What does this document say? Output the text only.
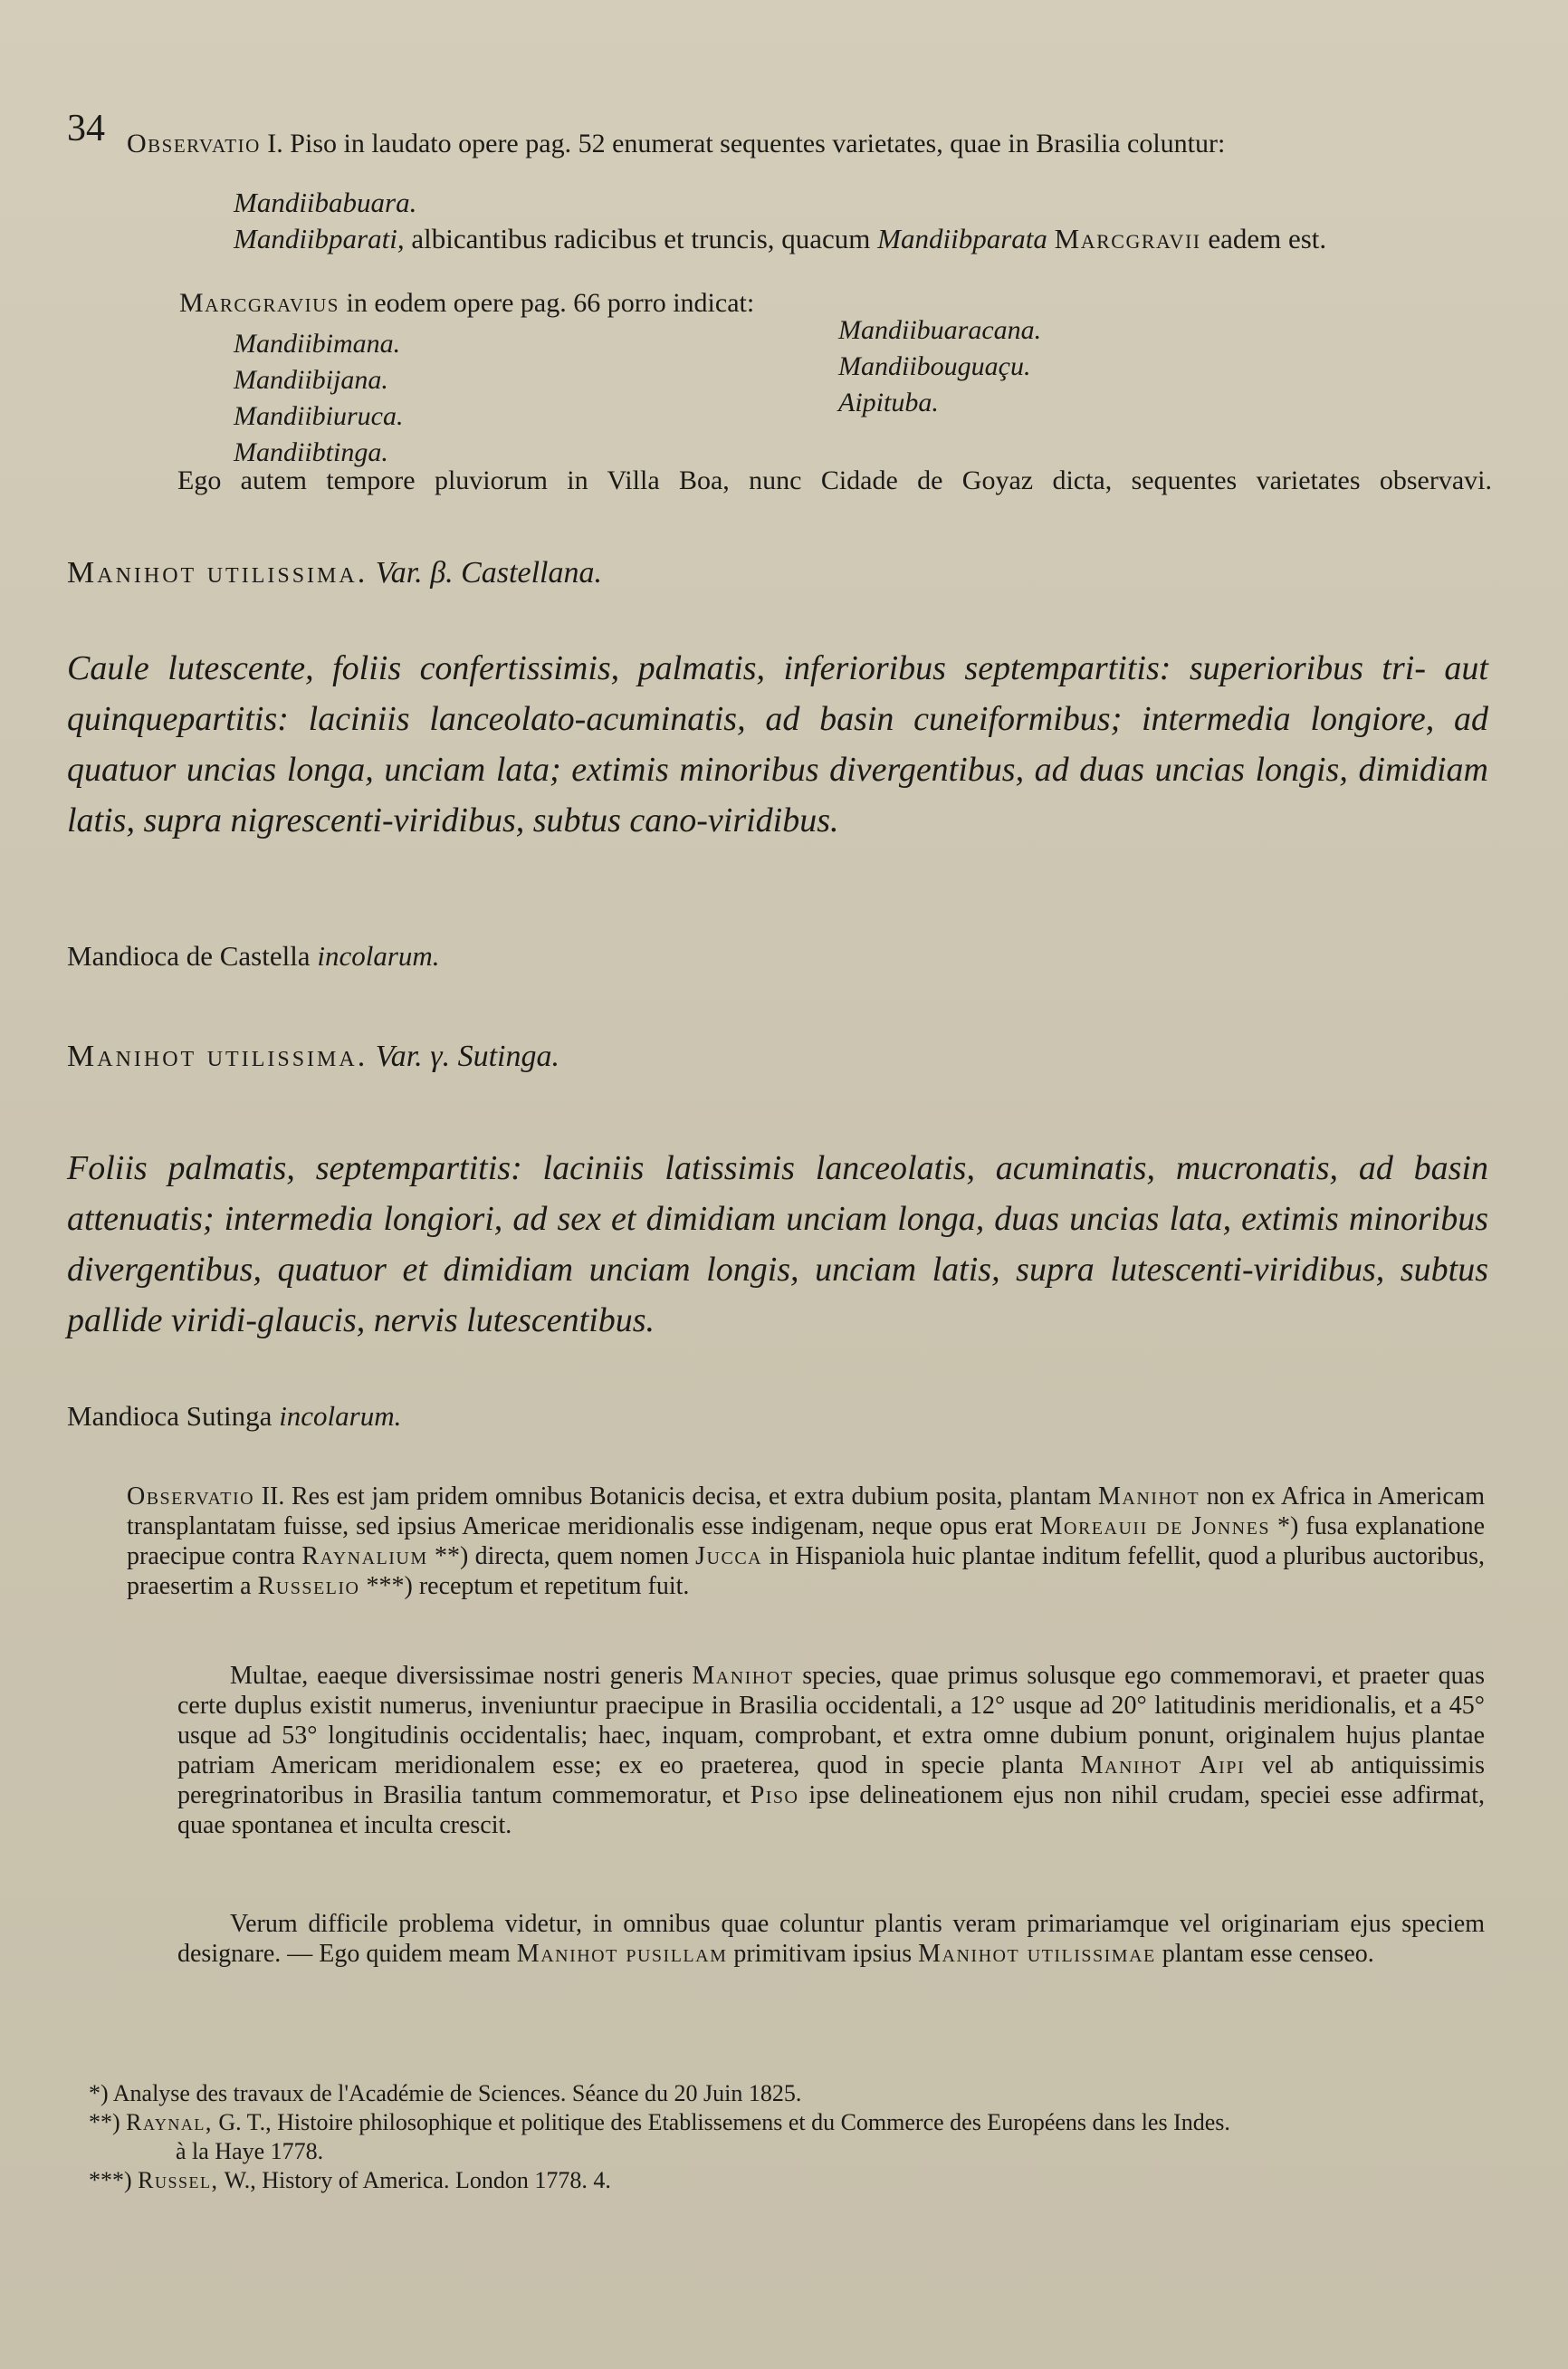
34 Observatio I. Piso in laudato opere pag. 52 enumerat sequentes varietates, quae in Brasilia coluntur:
Mandiibabuara.
Mandiibparati, albicantibus radicibus et truncis, quacum Mandiibparata Marcgravii eadem est.
Marcgravius in eodem opere pag. 66 porro indicat:
Mandiibimana.
Mandiibijana.
Mandiibiuruca.
Mandiibtinga.
Mandiibuaracana.
Mandiibouguaçu.
Aipituba.
Ego autem tempore pluviorum in Villa Boa, nunc Cidade de Goyaz dicta, sequentes varietates observavi.
Manihot utilissima. Var. β. Castellana.
Caule lutescente, foliis confertissimis, palmatis, inferioribus septempartitis: superioribus tri- aut quinquepartitis: laciniis lanceolato-acuminatis, ad basin cuneiformibus; intermedia longiore, ad quatuor uncias longa, unciam lata; extimis minoribus divergentibus, ad duas uncias longis, dimidiam latis, supra nigrescenti-viridibus, subtus cano-viridibus.
Mandioca de Castella incolarum.
Manihot utilissima. Var. γ. Sutinga.
Foliis palmatis, septempartitis: laciniis latissimis lanceolatis, acuminatis, mucronatis, ad basin attenuatis; intermedia longiori, ad sex et dimidiam unciam longa, duas uncias lata, extimis minoribus divergentibus, quatuor et dimidiam unciam longis, unciam latis, supra lutescenti-viridibus, subtus pallide viridi-glaucis, nervis lutescentibus.
Mandioca Sutinga incolarum.
Observatio II. Res est jam pridem omnibus Botanicis decisa, et extra dubium posita, plantam Manihot non ex Africa in Americam transplantatam fuisse, sed ipsius Americae meridionalis esse indigenam, neque opus erat Moreauii de Jonnes *) fusa explanatione praecipue contra Raynalium **) directa, quem nomen Jucca in Hispaniola huic plantae inditum fefellit, quod a pluribus auctoribus, praesertim a Russelio ***) receptum et repetitum fuit.
Multae, eaeque diversissimae nostri generis Manihot species, quae primus solusque ego commemoravi, et praeter quas certe duplus existit numerus, inveniuntur praecipue in Brasilia occidentali, a 12° usque ad 20° latitudinis meridionalis, et a 45° usque ad 53° longitudinis occidentalis; haec, inquam, comprobant, et extra omne dubium ponunt, originalem hujus plantae patriam Americam meridionalem esse; ex eo praeterea, quod in specie planta Manihot Aipi vel ab antiquissimis peregrinatoribus in Brasilia tantum commemoratur, et Piso ipse delineationem ejus non nihil crudam, speciei esse adfirmat, quae spontanea et inculta crescit.
Verum difficile problema videtur, in omnibus quae coluntur plantis veram primariamque vel originariam ejus speciem designare. — Ego quidem meam Manihot pusillam primitivam ipsius Manihot utilissimae plantam esse censeo.
*) Analyse des travaux de l'Académie de Sciences. Séance du 20 Juin 1825.
**) Raynal, G. T., Histoire philosophique et politique des Etablissemens et du Commerce des Européens dans les Indes.
à la Haye 1778.
***) Russel, W., History of America. London 1778. 4.
